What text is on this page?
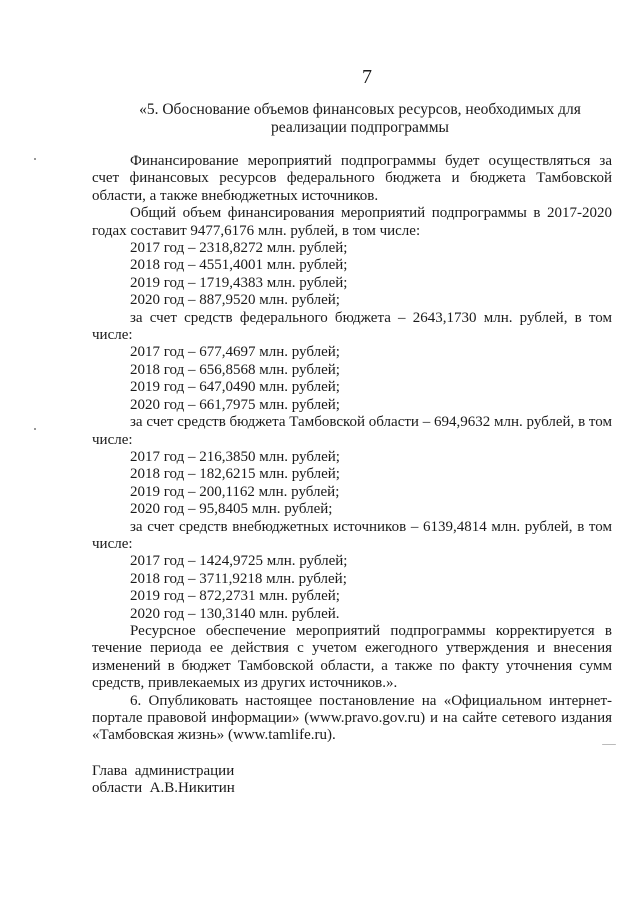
7
«5. Обоснование объемов финансовых ресурсов, необходимых для
реализации подпрограммы

Финансирование мероприятий подпрограммы будет осуществляться за счет финансовых ресурсов федерального бюджета и бюджета Тамбовской области, а также внебюджетных источников.

Общий объем финансирования мероприятий подпрограммы в 2017-2020 годах составит 9477,6176 млн. рублей, в том числе:

2017 год – 2318,8272 млн. рублей;

2018 год – 4551,4001 млн. рублей;

2019 год – 1719,4383 млн. рублей;

2020 год – 887,9520 млн. рублей;

за счет средств федерального бюджета – 2643,1730 млн. рублей, в том числе:

2017 год – 677,4697 млн. рублей;

2018 год – 656,8568 млн. рублей;

2019 год – 647,0490 млн. рублей;

2020 год – 661,7975 млн. рублей;

за счет средств бюджета Тамбовской области – 694,9632 млн. рублей, в том числе:

2017 год – 216,3850 млн. рублей;

2018 год – 182,6215 млн. рублей;

2019 год – 200,1162 млн. рублей;

2020 год – 95,8405 млн. рублей;

за счет средств внебюджетных источников – 6139,4814 млн. рублей, в том числе:

2017 год – 1424,9725 млн. рублей;

2018 год – 3711,9218 млн. рублей;

2019 год – 872,2731 млн. рублей;

2020 год – 130,3140 млн. рублей.

Ресурсное обеспечение мероприятий подпрограммы корректируется в течение периода ее действия с учетом ежегодного утверждения и внесения изменений в бюджет Тамбовской области, а также по факту уточнения сумм средств, привлекаемых из других источников.».

6. Опубликовать настоящее постановление на «Официальном интернет-портале правовой информации» (www.pravo.gov.ru) и на сайте сетевого издания «Тамбовская жизнь» (www.tamlife.ru).

Глава  администрации
области  А.В.Никитин
